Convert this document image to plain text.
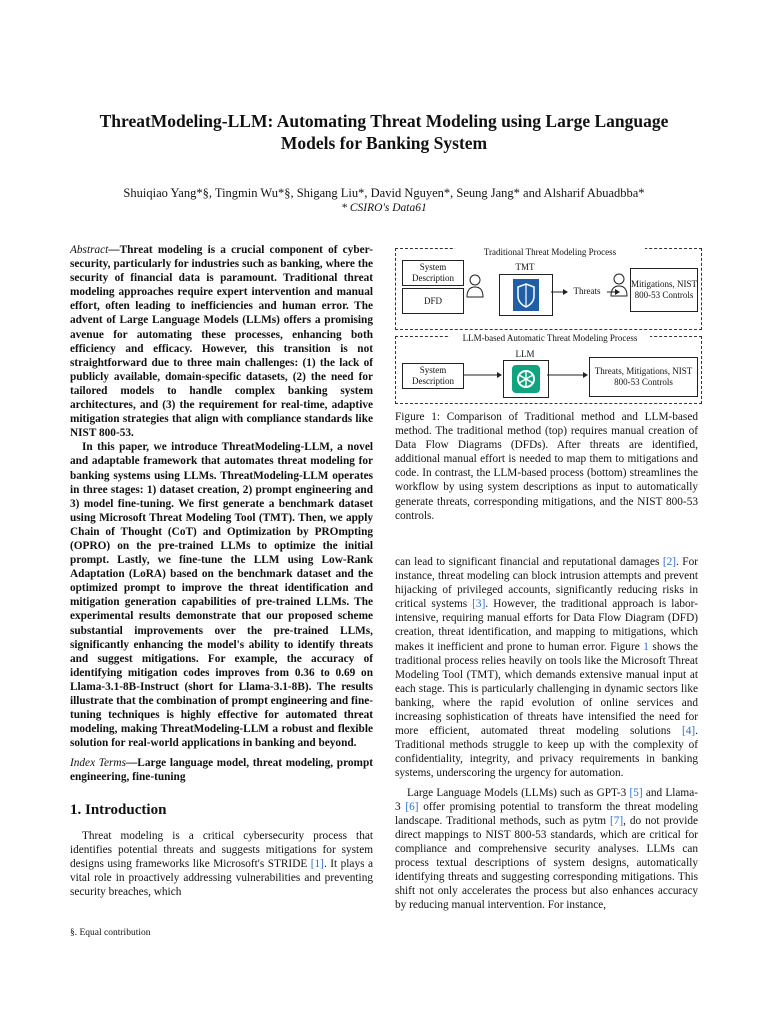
ThreatModeling-LLM: Automating Threat Modeling using Large Language
Models for Banking System
Shuiqiao Yang*§, Tingmin Wu*§, Shigang Liu*, David Nguyen*, Seung Jang* and Alsharif Abuadbba*
* CSIRO's Data61

Abstract—Threat modeling is a crucial component of cyber-security, particularly for industries such as banking, where the security of financial data is paramount. Traditional threat modeling approaches require expert intervention and manual effort, often leading to inefficiencies and human error. The advent of Large Language Models (LLMs) offers a promising avenue for automating these processes, enhancing both efficiency and efficacy. However, this transition is not straightforward due to three main challenges: (1) the lack of publicly available, domain-specific datasets, (2) the need for tailored models to handle complex banking system architectures, and (3) the requirement for real-time, adaptive mitigation strategies that align with compliance standards like NIST 800-53.

In this paper, we introduce ThreatModeling-LLM, a novel and adaptable framework that automates threat modeling for banking systems using LLMs. ThreatModeling-LLM operates in three stages: 1) dataset creation, 2) prompt engineering and 3) model fine-tuning. We first generate a benchmark dataset using Microsoft Threat Modeling Tool (TMT). Then, we apply Chain of Thought (CoT) and Optimization by PROmpting (OPRO) on the pre-trained LLMs to optimize the initial prompt. Lastly, we fine-tune the LLM using Low-Rank Adaptation (LoRA) based on the benchmark dataset and the optimized prompt to improve the threat identification and mitigation generation capabilities of pre-trained LLMs. The experimental results demonstrate that our proposed scheme substantial improvements over the pre-trained LLMs, significantly enhancing the model's ability to identify threats and suggest mitigations. For example, the accuracy of identifying mitigation codes improves from 0.36 to 0.69 on Llama-3.1-8B-Instruct (short for Llama-3.1-8B). The results illustrate that the combination of prompt engineering and fine-tuning techniques is highly effective for automated threat modeling, making ThreatModeling-LLM a robust and flexible solution for real-world applications in banking and beyond.

Index Terms—Large language model, threat modeling, prompt engineering, fine-tuning
1. Introduction

Threat modeling is a critical cybersecurity process that identifies potential threats and suggests mitigations for system designs using frameworks like Microsoft's STRIDE [1]. It plays a vital role in proactively addressing vulnerabilities and preventing security breaches, which

§. Equal contribution
Traditional Threat Modeling Process
System Description
DFD
TMT
Threats
Mitigations, NIST 800-53 Controls
LLM-based Automatic Threat Modeling Process
System Description
LLM
Threats, Mitigations, NIST 800-53 Controls
Figure 1: Comparison of Traditional method and LLM-based method. The traditional method (top) requires manual creation of Data Flow Diagrams (DFDs). After threats are identified, additional manual effort is needed to map them to mitigations and code. In contrast, the LLM-based process (bottom) streamlines the workflow by using system descriptions as input to automatically generate threats, corresponding mitigations, and the NIST 800-53 controls.

can lead to significant financial and reputational damages [2]. For instance, threat modeling can block intrusion attempts and prevent hijacking of privileged accounts, significantly reducing risks in critical systems [3]. However, the traditional approach is labor-intensive, requiring manual efforts for Data Flow Diagram (DFD) creation, threat identification, and mapping to mitigations, which makes it inefficient and prone to human error. Figure 1 shows the traditional process relies heavily on tools like the Microsoft Threat Modeling Tool (TMT), which demands extensive manual input at each stage. This is particularly challenging in dynamic sectors like banking, where the rapid evolution of online services and increasing sophistication of threats have intensified the need for more efficient, automated threat modeling solutions [4]. Traditional methods struggle to keep up with the complexity of confidentiality, integrity, and privacy requirements in banking systems, underscoring the urgency for automation.

Large Language Models (LLMs) such as GPT-3 [5] and Llama-3 [6] offer promising potential to transform the threat modeling landscape. Traditional methods, such as pytm [7], do not provide direct mappings to NIST 800-53 standards, which are critical for compliance and comprehensive security analyses. LLMs can process textual descriptions of system designs, automatically identifying threats and suggesting corresponding mitigations. This shift not only accelerates the process but also enhances accuracy by reducing manual intervention. For instance,
